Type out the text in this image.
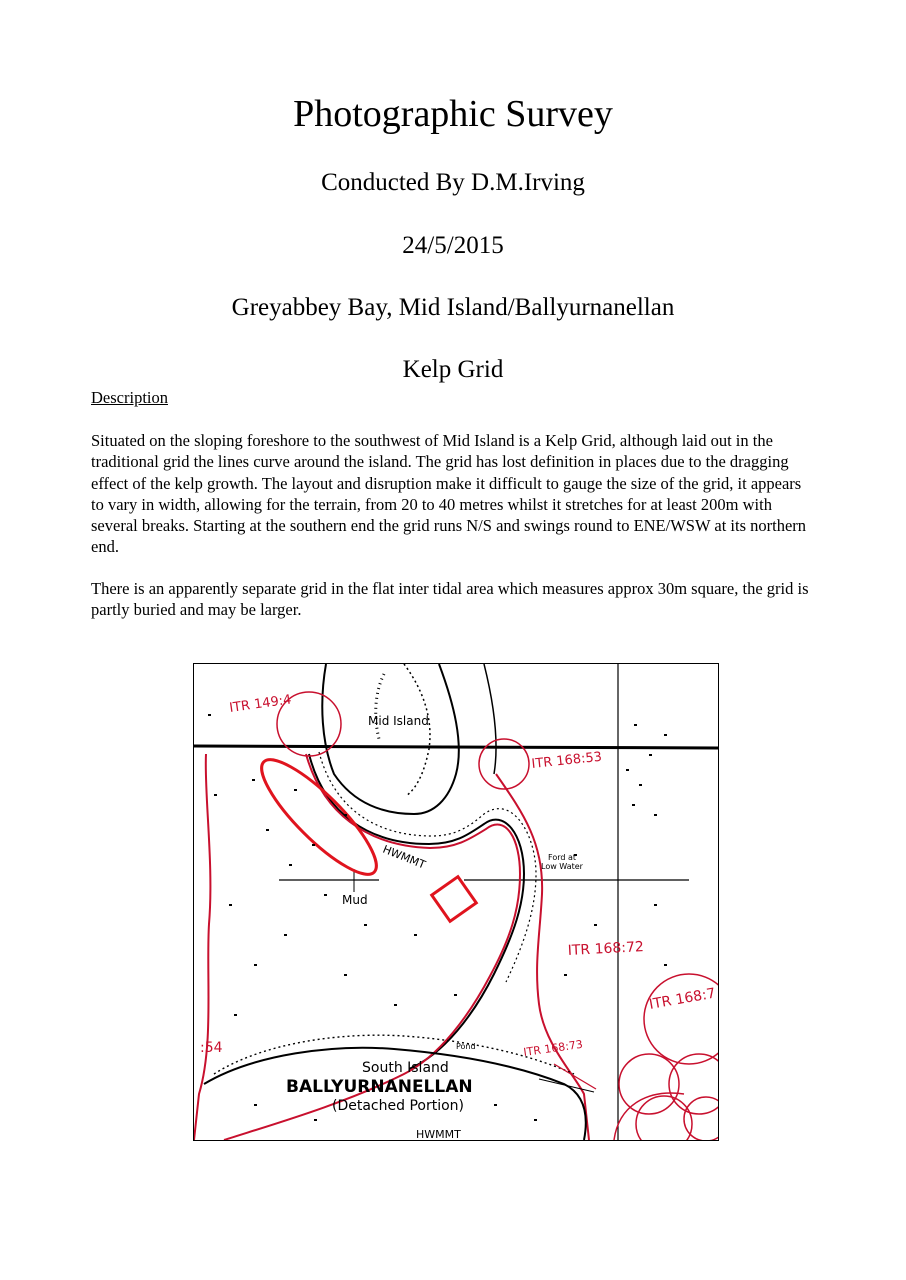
Photographic Survey
Conducted By D.M.Irving
24/5/2015
Greyabbey Bay, Mid Island/Ballyurnanellan
Kelp Grid
Description

Situated on the sloping foreshore to the southwest of Mid Island is a Kelp Grid, although laid out in the traditional grid the lines curve around the island. The grid has lost definition in places due to the dragging effect of the kelp growth. The layout and disruption make it difficult to gauge the size of the grid, it appears to vary in width, allowing for the terrain, from 20 to 40 metres whilst it stretches for at least 200m with several breaks. Starting at the southern end the grid runs N/S and swings round to ENE/WSW at its northern end.

There is an apparently separate grid in the flat inter tidal area which measures approx 30m square, the grid is partly buried and may be larger.

Mid Island
HWMMT	Ford at
Low Water
Mud
Pond
South Island
BALLYURNANELLAN
(Detached Portion)
HWMMT
ITR 149:4
ITR 168:53
ITR 168:72
ITR 168:7
ITR 168:73
:54
